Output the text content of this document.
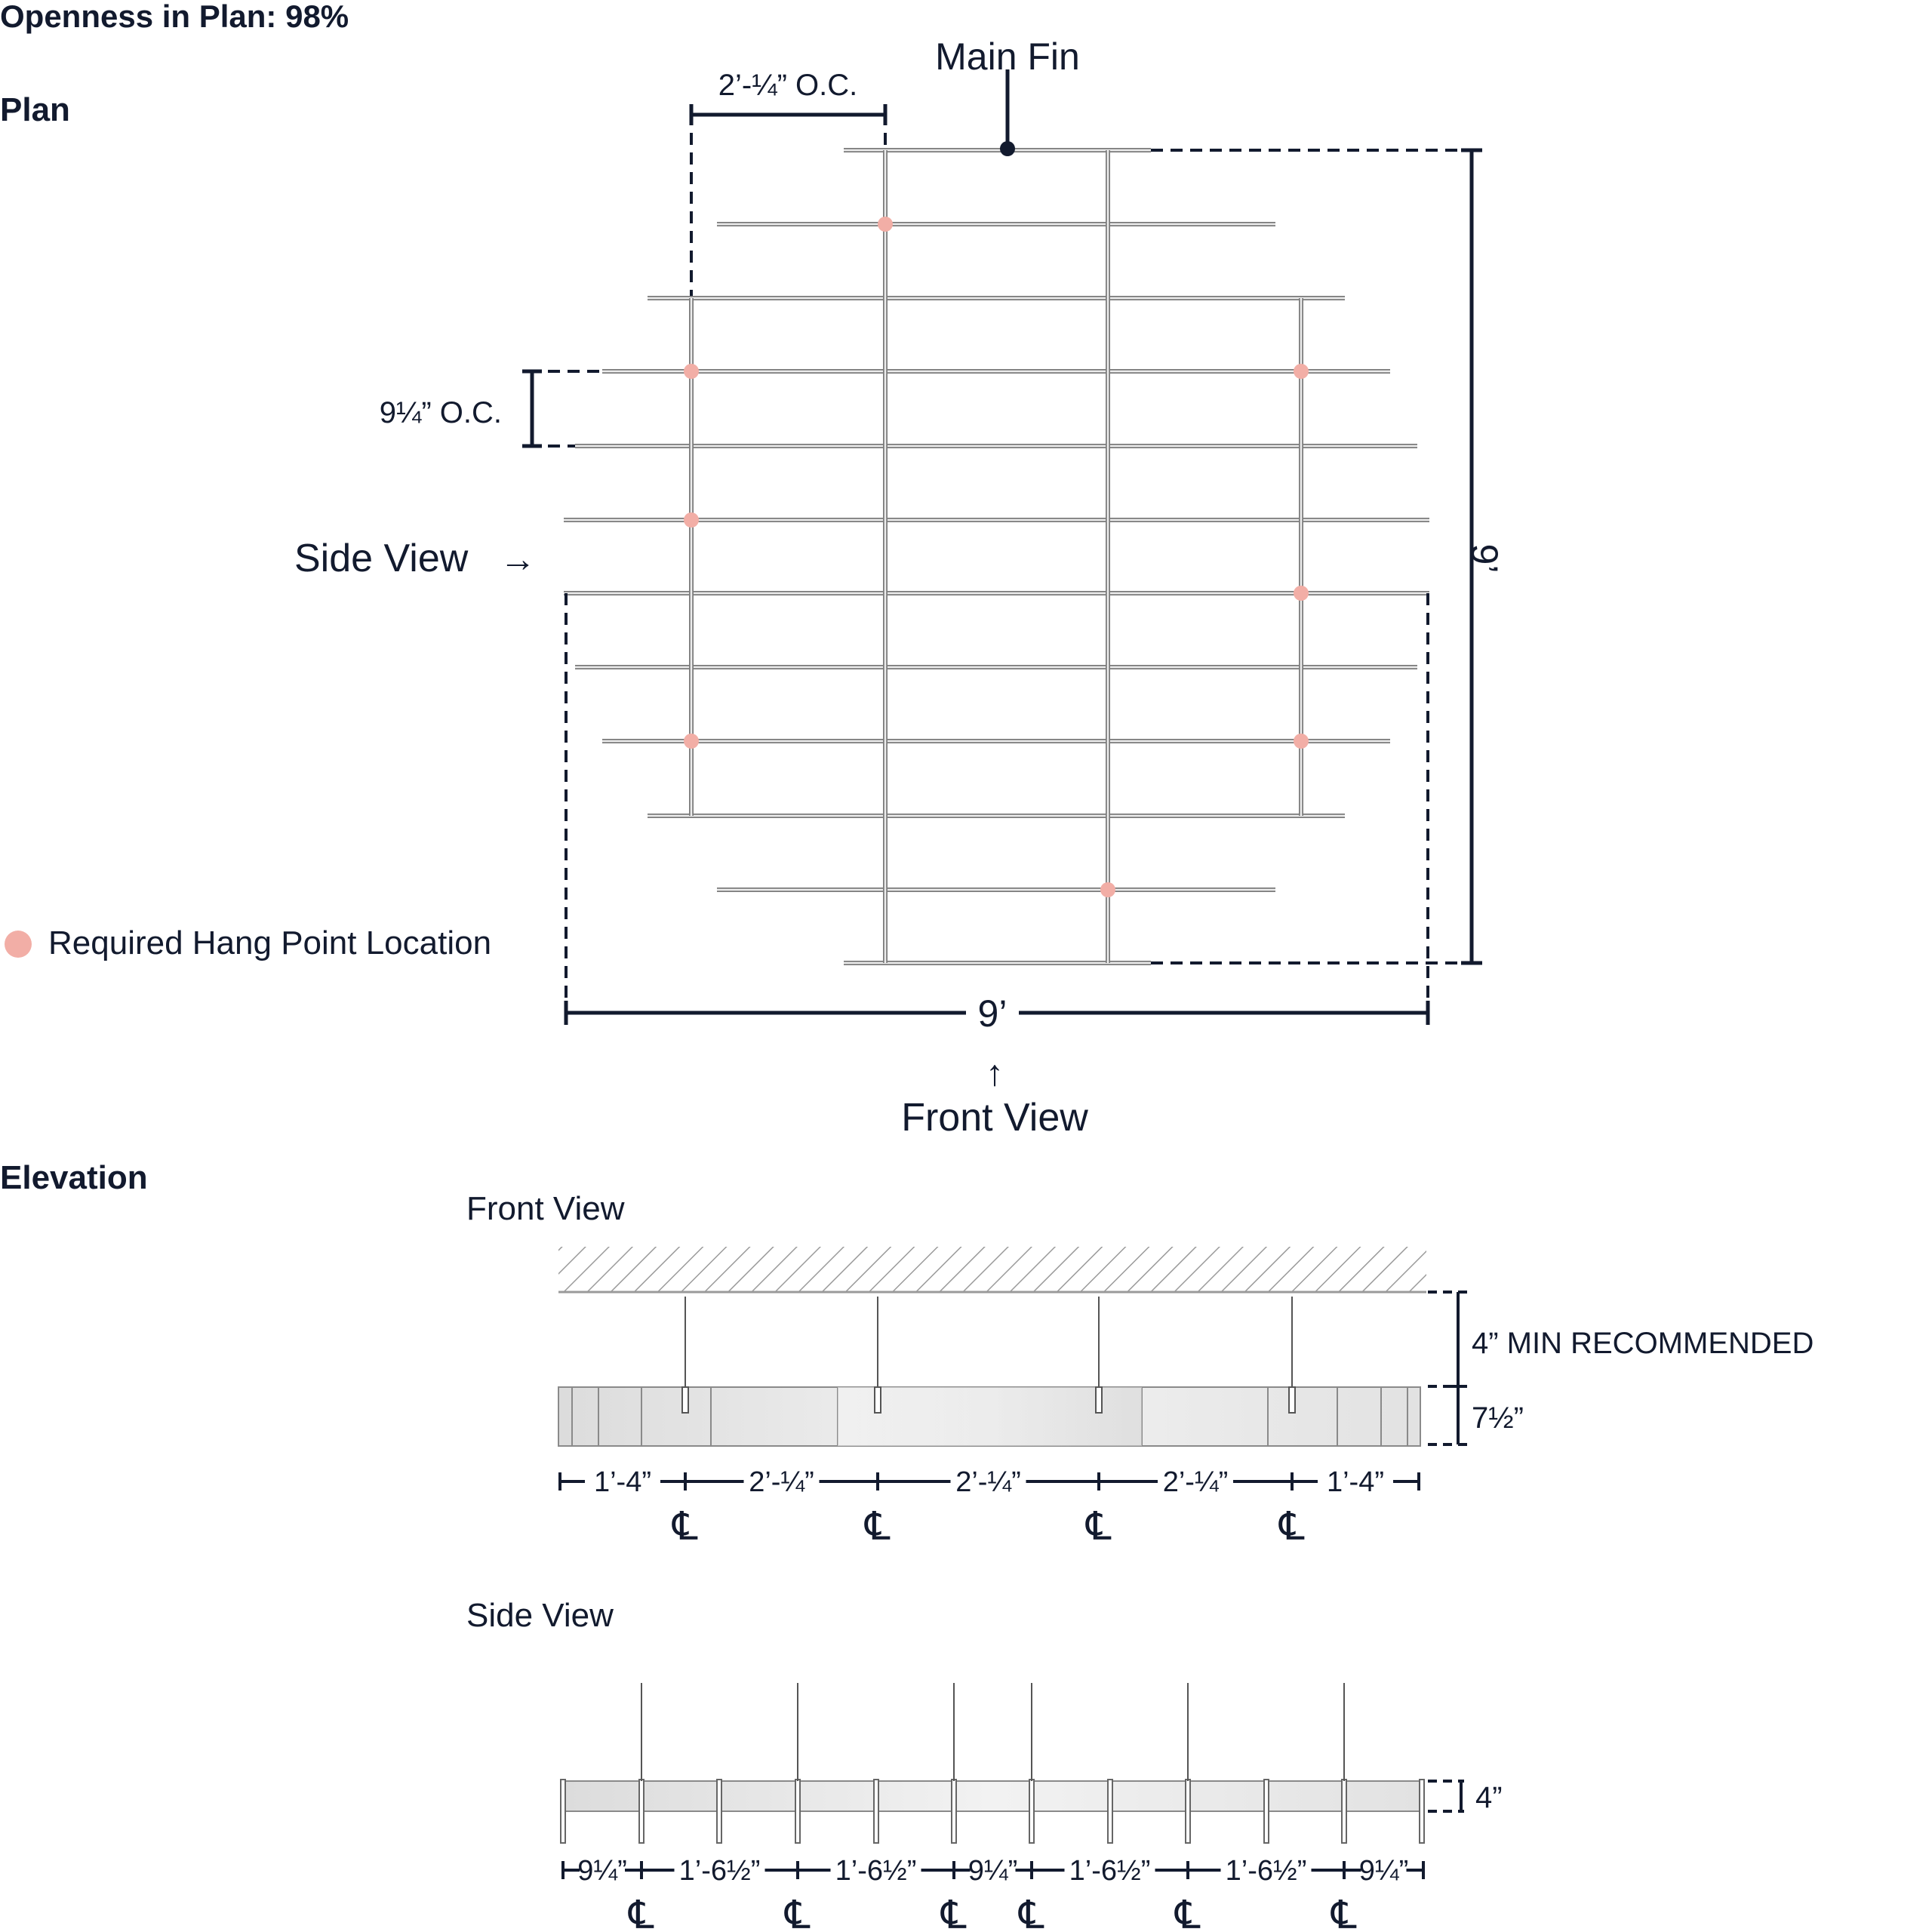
Openness in Plan: 98%
Plan
Elevation
Main Fin
2’-¼” O.C.
9¼” O.C.
Side View →
9’
9’
↑
Front View
Required Hang Point Location
Front View
4” MIN RECOMMENDED
7½”
1’-4”	2’-¼”	2’-¼”	2’-¼”	1’-4”
℄	℄	℄	℄
Side View
4”
9¼” 1’-6½”	1’-6½” 9¼” 1’-6½”	1’-6½” 9¼”
℄	℄	℄ ℄	℄	℄
